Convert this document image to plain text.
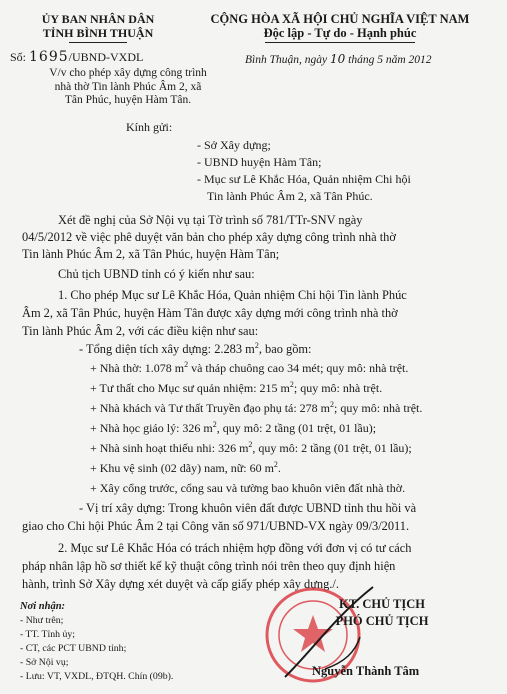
ỦY BAN NHÂN DÂN
TỈNH BÌNH THUẬN
CỘNG HÒA XÃ HỘI CHỦ NGHĨA VIỆT NAM
Độc lập - Tự do - Hạnh phúc
Số: 1695/UBND-VXDL	Bình Thuận, ngày 10 tháng 5 năm 2012
V/v cho phép xây dựng công trình
nhà thờ Tin lành Phúc Âm 2, xã
Tân Phúc, huyện Hàm Tân.
Kính gửi:
- Sở Xây dựng;
- UBND huyện Hàm Tân;
- Mục sư Lê Khắc Hóa, Quản nhiệm Chi hội
Tin lành Phúc Âm 2, xã Tân Phúc.
Xét đề nghị của Sở Nội vụ tại Tờ trình số 781/TTr-SNV ngày
04/5/2012 về việc phê duyệt văn bản cho phép xây dựng công trình nhà thờ
Tin lành Phúc Âm 2, xã Tân Phúc, huyện Hàm Tân;
Chủ tịch UBND tỉnh có ý kiến như sau:
1. Cho phép Mục sư Lê Khắc Hóa, Quản nhiệm Chi hội Tin lành Phúc
Âm 2, xã Tân Phúc, huyện Hàm Tân được xây dựng mới công trình nhà thờ
Tin lành Phúc Âm 2, với các điều kiện như sau:
- Tổng diện tích xây dựng: 2.283 $m^2$, bao gồm:
+ Nhà thờ: 1.078 $m^2$ và tháp chuông cao 34 mét; quy mô: nhà trệt.
+ Tư thất cho Mục sư quản nhiệm: 215 $m^2$; quy mô: nhà trệt.
+ Nhà khách và Tư thất Truyền đạo phụ tá: 278 $m^2$; quy mô: nhà trệt.
+ Nhà học giáo lý: 326 $m^2$, quy mô: 2 tầng (01 trệt, 01 lầu);
+ Nhà sinh hoạt thiếu nhi: 326 $m^2$, quy mô: 2 tầng (01 trệt, 01 lầu);
+ Khu vệ sinh (02 dãy) nam, nữ: 60 $m^2$.
+ Xây cổng trước, cổng sau và tường bao khuôn viên đất nhà thờ.
- Vị trí xây dựng: Trong khuôn viên đất được UBND tỉnh thu hồi và
giao cho Chi hội Phúc Âm 2 tại Công văn số 971/UBND-VX ngày 09/3/2011.
2. Mục sư Lê Khắc Hóa có trách nhiệm hợp đồng với đơn vị có tư cách
pháp nhân lập hồ sơ thiết kế kỹ thuật công trình nói trên theo quy định hiện
hành, trình Sở Xây dựng xét duyệt và cấp giấy phép xây dựng./.
Nơi nhận:
- Như trên;
- TT. Tỉnh ủy;
- CT, các PCT UBND tỉnh;
- Sở Nội vụ;
- Lưu: VT, VXDL, ĐTQH. Chín (09b).
KT. CHỦ TỊCH
PHÓ CHỦ TỊCH
Nguyễn Thành Tâm
